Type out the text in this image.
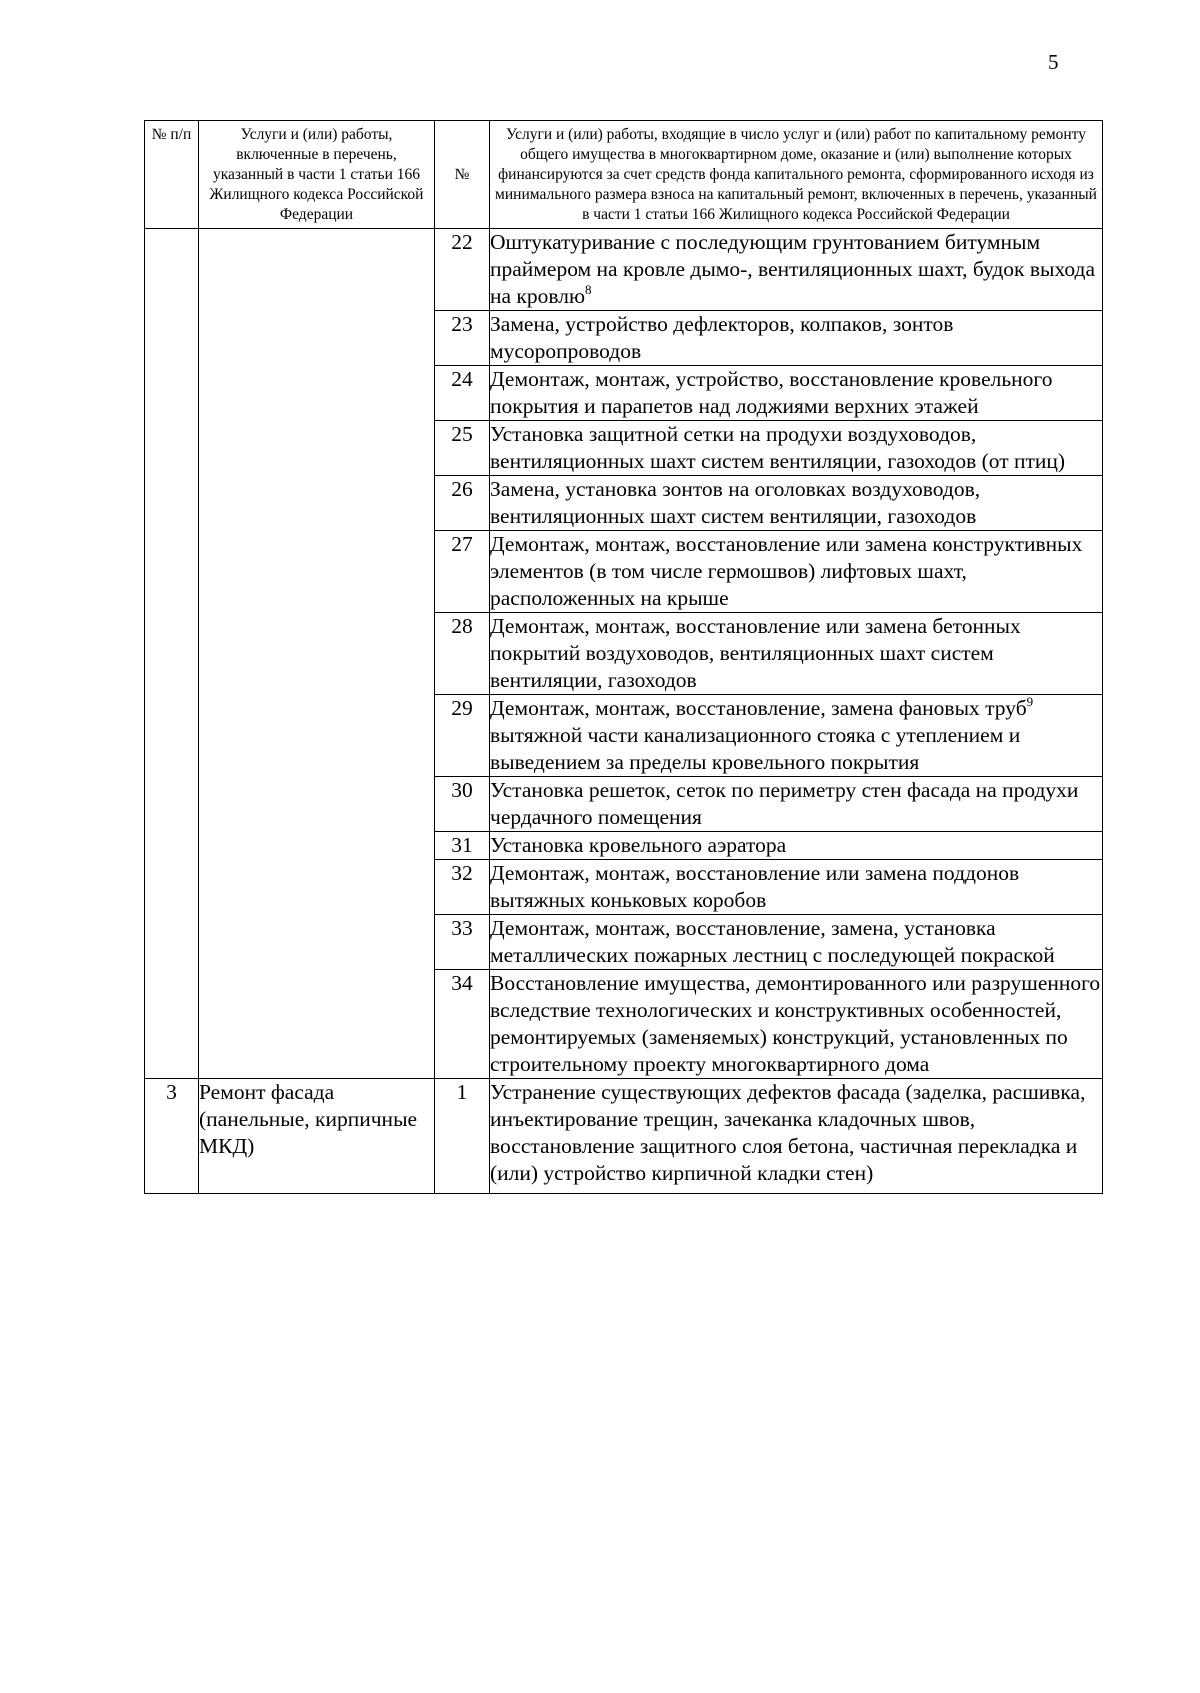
5
№ п/п	Услуги и (или) работы, включенные в перечень, указанный в части 1 статьи 166 Жилищного кодекса Российской Федерации	№	Услуги и (или) работы, входящие в число услуг и (или) работ по капитальному ремонту общего имущества в многоквартирном доме, оказание и (или) выполнение которых финансируются за счет средств фонда капитального ремонта, сформированного исходя из минимального размера взноса на капитальный ремонт, включенных в перечень, указанный в части 1 статьи 166 Жилищного кодекса Российской Федерации
		22	Оштукатуривание с последующим грунтованием битумным праймером на кровле дымо-, вентиляционных шахт, будок выхода на кровлю$^8$
		23	Замена, устройство дефлекторов, колпаков, зонтов мусоропроводов
		24	Демонтаж, монтаж, устройство, восстановление кровельного покрытия и парапетов над лоджиями верхних этажей
		25	Установка защитной сетки на продухи воздуховодов, вентиляционных шахт систем вентиляции, газоходов (от птиц)
		26	Замена, установка зонтов на оголовках воздуховодов, вентиляционных шахт систем вентиляции, газоходов
		27	Демонтаж, монтаж, восстановление или замена конструктивных элементов (в том числе гермошвов) лифтовых шахт, расположенных на крыше
		28	Демонтаж, монтаж, восстановление или замена бетонных покрытий воздуховодов, вентиляционных шахт систем вентиляции, газоходов
		29	Демонтаж, монтаж, восстановление, замена фановых труб$^9$ вытяжной части канализационного стояка с утеплением и выведением за пределы кровельного покрытия
		30	Установка решеток, сеток по периметру стен фасада на продухи чердачного помещения
		31	Установка кровельного аэратора
		32	Демонтаж, монтаж, восстановление или замена поддонов вытяжных коньковых коробов
		33	Демонтаж, монтаж, восстановление, замена, установка металлических пожарных лестниц с последующей покраской
		34	Восстановление имущества, демонтированного или разрушенного вследствие технологических и конструктивных особенностей, ремонтируемых (заменяемых) конструкций, установленных по строительному проекту многоквартирного дома
3	Ремонт фасада (панельные, кирпичные МКД)	1	Устранение существующих дефектов фасада (заделка, расшивка, инъектирование трещин, зачеканка кладочных швов, восстановление защитного слоя бетона, частичная перекладка и (или) устройство кирпичной кладки стен)
